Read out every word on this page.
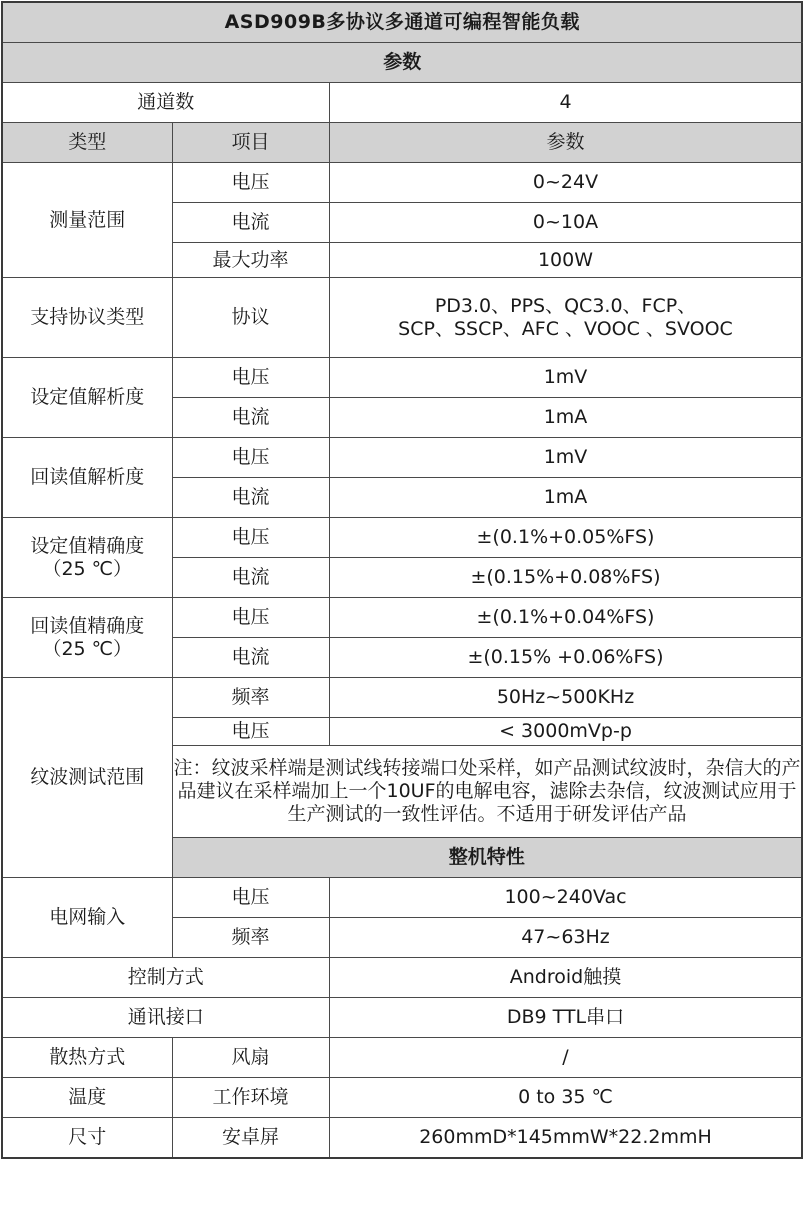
ASD909B多协议多通道可编程智能负载		
参数		
通道数		4
类型	项目	参数
测量范围	电压	0~24V
	电流	0~10A
	最大功率	100W
支持协议类型	协议	PD3.0、PPS、QC3.0、FCP、
SCP、SSCP、AFC 、VOOC 、SVOOC

设定值解析度	电压	1mV
	电流	1mA
回读值解析度	电压	1mV
	电流	1mA

设定值精确度
（25 ℃）	电压	±(0.1%+0.05%FS)
	电流	±(0.15%+0.08%FS)

回读值精确度
（25 ℃）	电压	±(0.1%+0.04%FS)
	电流	±(0.15% +0.06%FS)
纹波测试范围	频率	50Hz~500KHz
	电压	< 3000mVp-p
	注：纹波采样端是测试线转接端口处采样，如产品测试纹波时，杂信大的产品建议在采样端加上一个10UF的电解电容，滤除去杂信，纹波测试应用于生产测试的一致性评估。不适用于研发评估产品	
	整机特性	
电网输入	电压	100~240Vac
	频率	47~63Hz
控制方式		Android触摸
通讯接口		DB9 TTL串口
散热方式	风扇	/
温度	工作环境	0 to 35 ℃
尺寸	安卓屏	260mmD*145mmW*22.2mmH
